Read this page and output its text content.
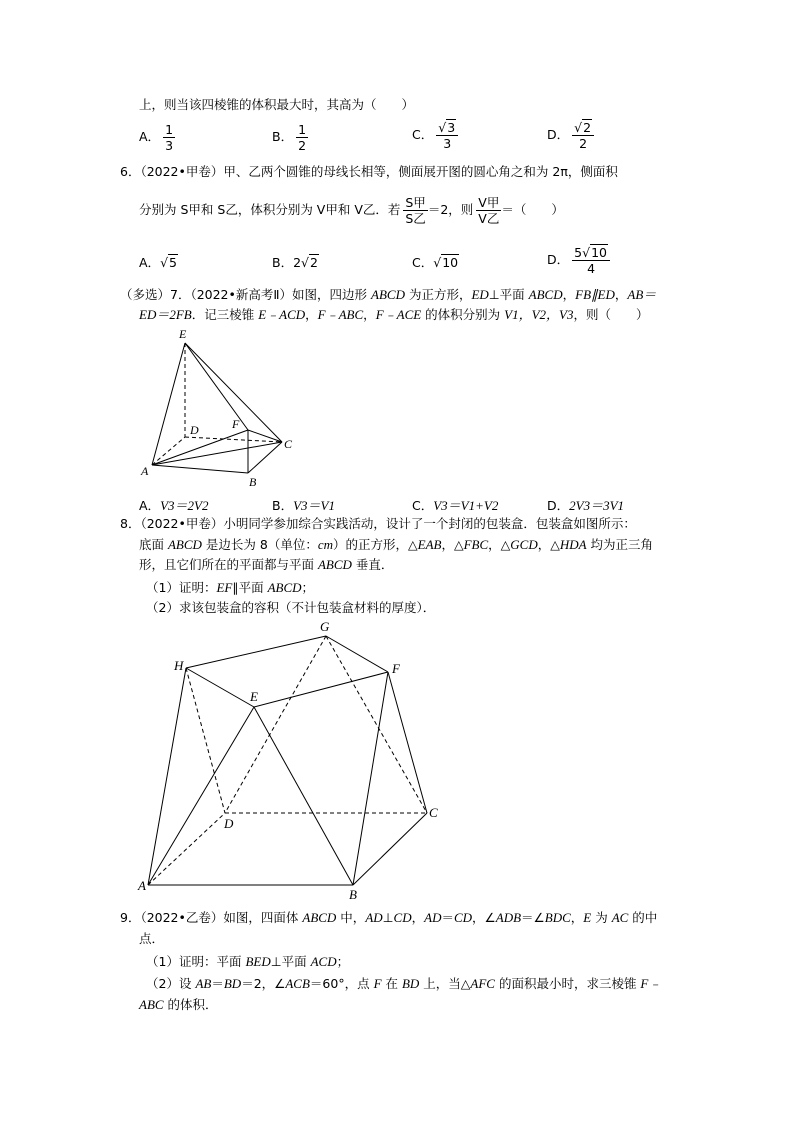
上，则当该四棱锥的体积最大时，其高为（　　）
A． $\frac{1}{3}$	B． $\frac{1}{2}$	C． $\frac{√3}{3}$	D． $\frac{√2}{2}$
6．（2022•甲卷）甲、乙两个圆锥的母线长相等，侧面展开图的圆心角之和为 2π，侧面积
分别为 S甲和 S乙，体积分别为 V甲和 V乙．若 $\frac{\text{S甲}}{\text{S乙}} =2$，则 $\frac{\text{V甲}}{\text{V乙}}$ ＝（　　）
A．√5	B．2√2	C．√10	D． $\frac{5√10}{4}$
（多选）7．（2022•新高考Ⅱ）如图，四边形 ABCD 为正方形，ED⊥平面 ABCD，FB∥ED，AB＝
ED＝2FB．记三棱锥 E﹣ACD，F﹣ABC，F﹣ACE 的体积分别为 V1，V2，V3，则（　　）
E
D	F
C
A
B
A．V3＝2V2	B．V3＝V1	C．V3＝V1+V2	D．2V3＝3V1
8．（2022•甲卷）小明同学参加综合实践活动，设计了一个封闭的包装盒．包装盒如图所示：
底面 ABCD 是边长为 8（单位：cm）的正方形，△EAB，△FBC，△GCD，△HDA 均为正三角
形，且它们所在的平面都与平面 ABCD 垂直．
（1）证明：EF∥平面 ABCD；
（2）求该包装盒的容积（不计包装盒材料的厚度）．
G
H	F
E
D
C
A
B
9．（2022•乙卷）如图，四面体 ABCD 中，AD⊥CD，AD＝CD，∠ADB＝∠BDC，E 为 AC 的中
点．
（1）证明：平面 BED⊥平面 ACD；
（2）设 AB＝BD＝2，∠ACB＝60°，点 F 在 BD 上，当△AFC 的面积最小时，求三棱锥 F﹣
ABC 的体积．
